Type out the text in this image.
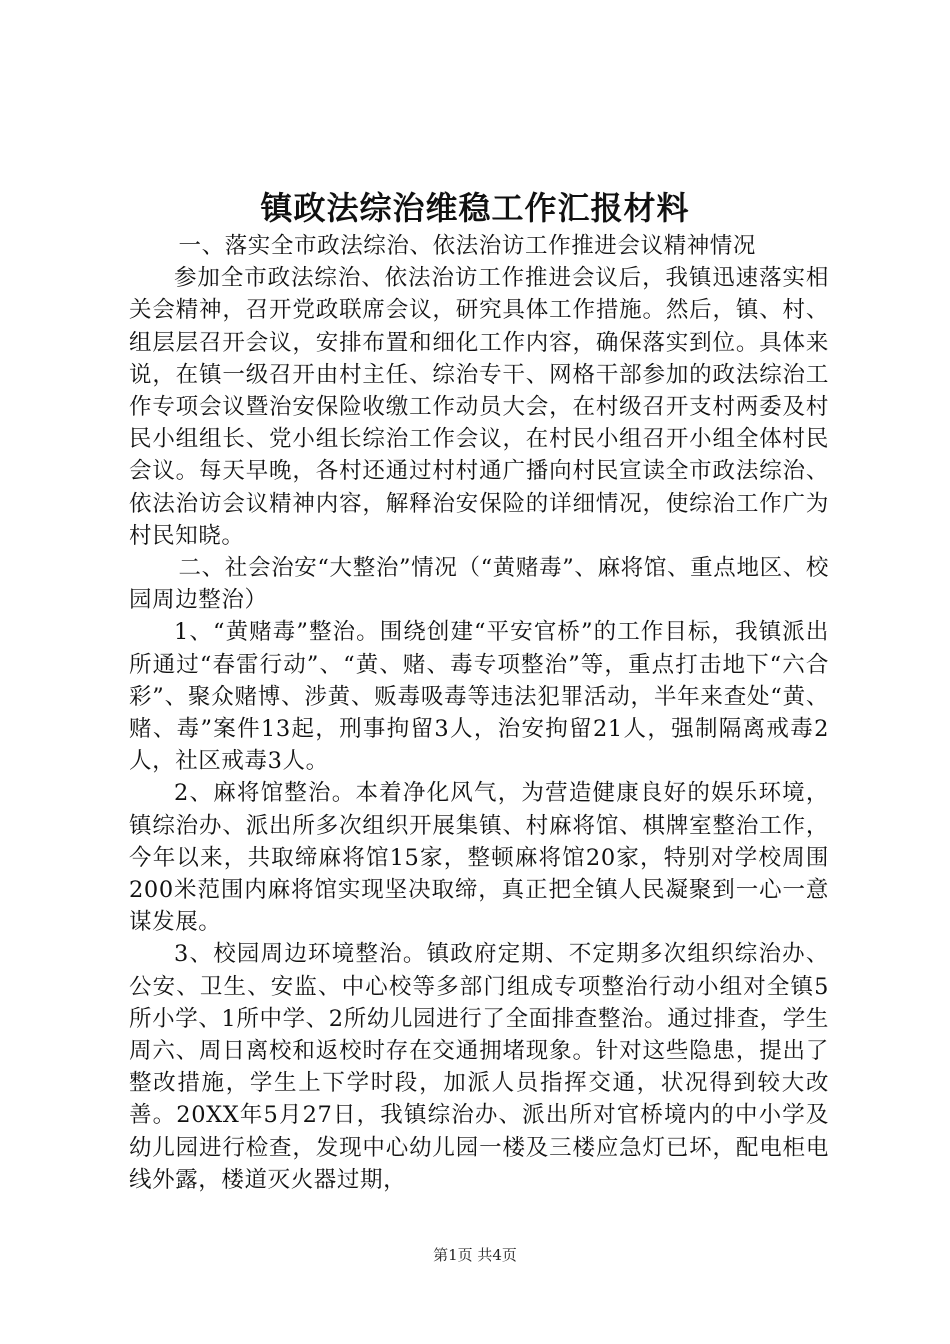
镇政法综治维稳工作汇报材料

一、落实全市政法综治、依法治访工作推进会议精神情况

参加全市政法综治、依法治访工作推进会议后，我镇迅速落实相关会精神，召开党政联席会议，研究具体工作措施。然后，镇、村、组层层召开会议，安排布置和细化工作内容，确保落实到位。具体来说，在镇一级召开由村主任、综治专干、网格干部参加的政法综治工作专项会议暨治安保险收缴工作动员大会，在村级召开支村两委及村民小组组长、党小组长综治工作会议，在村民小组召开小组全体村民会议。每天早晚，各村还通过村村通广播向村民宣读全市政法综治、依法治访会议精神内容，解释治安保险的详细情况，使综治工作广为村民知晓。

二、社会治安“大整治”情况（“黄赌毒”、麻将馆、重点地区、校园周边整治）

1、“黄赌毒”整治。围绕创建“平安官桥”的工作目标，我镇派出所通过“春雷行动”、“黄、赌、毒专项整治”等，重点打击地下“六合彩”、聚众赌博、涉黄、贩毒吸毒等违法犯罪活动，半年来查处“黄、赌、毒”案件13起，刑事拘留3人，治安拘留21人，强制隔离戒毒2人，社区戒毒3人。

2、麻将馆整治。本着净化风气，为营造健康良好的娱乐环境，镇综治办、派出所多次组织开展集镇、村麻将馆、棋牌室整治工作，今年以来，共取缔麻将馆15家，整顿麻将馆20家，特别对学校周围200米范围内麻将馆实现坚决取缔，真正把全镇人民凝聚到一心一意谋发展。

3、校园周边环境整治。镇政府定期、不定期多次组织综治办、公安、卫生、安监、中心校等多部门组成专项整治行动小组对全镇5所小学、1所中学、2所幼儿园进行了全面排查整治。通过排查，学生周六、周日离校和返校时存在交通拥堵现象。针对这些隐患，提出了整改措施，学生上下学时段，加派人员指挥交通，状况得到较大改善。20XX年5月27日，我镇综治办、派出所对官桥境内的中小学及幼儿园进行检查，发现中心幼儿园一楼及三楼应急灯已坏，配电柜电线外露，楼道灭火器过期，

第1页 共4页
